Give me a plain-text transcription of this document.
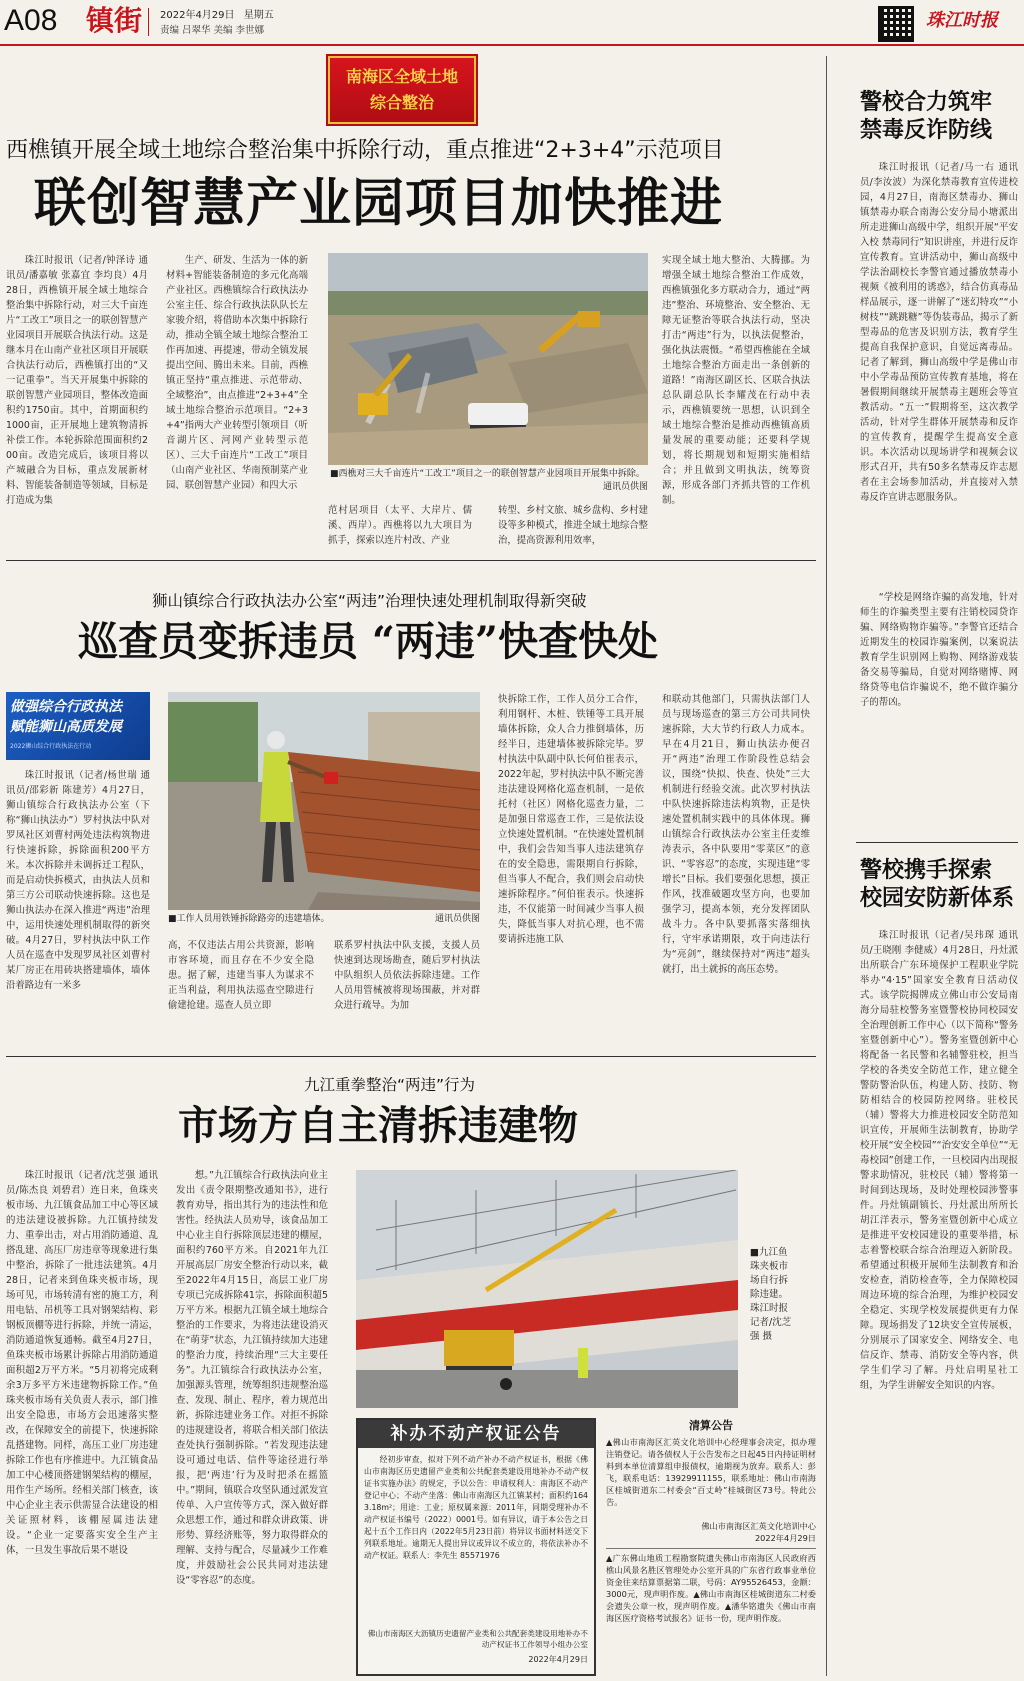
A08 镇街 2022年4月29日 星期五
责编 吕翠华 美编 李世娜	珠江时报
南海区全域土地
综合整治
西樵镇开展全域土地综合整治集中拆除行动，重点推进“2+3+4”示范项目
联创智慧产业园项目加快推进

珠江时报讯（记者/钟泽诗 通讯员/潘嘉敏 张嘉宜 李均良）4月28日，西樵镇开展全域土地综合整治集中拆除行动，对三大千亩连片“工改工”项目之一的联创智慧产业园项目开展联合执法行动。这是继本月在山南产业社区项目开展联合执法行动后，西樵镇打出的“又一记重拳”。当天开展集中拆除的联创智慧产业园项目，整体改造面积约1750亩。其中，首期面积约1000亩，正开展地上建筑物清拆补偿工作。本轮拆除范围面积约200亩。改造完成后，该项目将以产城融合为目标，重点发展新材料、智能装备制造等领域，目标是打造成为集

生产、研发、生活为一体的新材料+智能装备制造的多元化高端产业社区。西樵镇综合行政执法办公室主任、综合行政执法队队长左家骏介绍，将借助本次集中拆除行动，推动全镇全域土地综合整治工作再加速、再提速，带动全镇发展提出空间、腾出未来。目前，西樵镇正坚持“重点推进、示范带动、全域整治”，由点推进“2+3+4”全域土地综合整治示范项目。“2+3+4”指两大产业转型引领项目（听音湖片区、河网产业转型示范区）、三大千亩连片“工改工”项目（山南产业社区、华南预制菜产业园、联创智慧产业园）和四大示

■西樵对三大千亩连片“工改工”项目之一的联创智慧产业园项目开展集中拆除。
通讯员供图

范村居项目（太平、大岸片、儒溪、西岸）。西樵将以九大项目为抓手，探索以连片村改、产业

转型、乡村文旅、城乡盘构、乡村建设等多种模式，推进全域土地综合整治，提高资源利用效率，

实现全域土地大整治、大腾挪。为增强全域土地综合整治工作成效，西樵镇强化多方联动合力，通过“两违”整治、环境整治、安全整治、无障无证整治等联合执法行动，坚决打击“两违”行为，以执法促整治，强化执法震慑。“希望西樵能在全域土地综合整治方面走出一条创新的道路！”南海区副区长、区联合执法总队副总队长李耀茂在行动中表示，西樵镇要统一思想，认识到全域土地综合整治是推动西樵镇高质量发展的重要动能；还要科学规划，将长期规划和短期实施相结合；并且做到文明执法，统筹资源，形成各部门齐抓共管的工作机制。

狮山镇综合行政执法办公室“两违”治理快速处理机制取得新突破
巡查员变拆违员 “两违”快查快处
做强综合行政执法
赋能狮山高质发展
2022狮山综合行政执法在行动

珠江时报讯（记者/杨世瑞 通讯员/邵彩新 陈建芳）4月27日，狮山镇综合行政执法办公室（下称“狮山执法办”）罗村执法中队对罗凤社区刘曹村两处违法构筑物进行快速拆除，拆除面积200平方米。本次拆除并未调拆迁工程队，而是启动快拆模式，由执法人员和第三方公司联动快速拆除。这也是狮山执法办在深入推进“两违”治理中，运用快速处理机制取得的新突破。4月27日，罗村执法中队工作人员在巡查中发现罗凤社区刘曹村某厂房正在用砖块搭建墙体，墙体沿着路边有一米多

■工作人员用铁锤拆除路旁的违建墙体。	通讯员供图

高，不仅违法占用公共资源，影响市容环境，而且存在不少安全隐患。据了解，违建当事人为谋求不正当利益，利用执法巡查空隙进行偷建抢建。巡查人员立即

联系罗村执法中队支援，支援人员快速到达现场勘查，随后罗村执法中队组织人员依法拆除违建。工作人员用管械被将现场围蔽，并对群众进行疏导。为加

快拆除工作，工作人员分工合作，利用钢杆、木桩、铁锤等工具开展墙体拆除，众人合力推倒墙体，历经半日，违建墙体被拆除完毕。罗村执法中队副中队长何伯崔表示，2022年起，罗村执法中队不断完善违法建设网格化巡查机制，一是依托村（社区）网格化巡查力量，二是加强日常巡查工作，三是依法设立快速处置机制。“在快速处置机制中，我们会告知当事人违法建筑存在的安全隐患，需限期自行拆除，但当事人不配合，我们则会启动快速拆除程序。”何伯崔表示。快速拆违，不仅能第一时间减少当事人损失，降低当事人对抗心理，也不需要请拆违施工队

和联动其他部门，只需执法部门人员与现场巡查的第三方公司共同快速拆除，大大节约行政人力成本。早在4月21日，狮山执法办便召开“两违”治理工作阶段性总结会议，围绕“快拟、快查、快处”三大机制进行经验交流。此次罗村执法中队快速拆除违法构筑物，正是快速处置机制实践中的具体体现。狮山镇综合行政执法办公室主任麦维涛表示，各中队要用“零菜区”的意识、“零容忍”的态度，实现违建“零增长”目标。我们要强化思想，摸正作风，找准破题攻坚方向，也要加强学习，提高本领，充分发挥团队战斗力。各中队要抓落实落细执行，守牢承诺期限，攻于向违法行为“亮剑”，继续保持对“两违”超头就打，出土就拆的高压态势。

九江重拳整治“两违”行为
市场方自主清拆违建物

珠江时报讯（记者/沈芝强 通讯员/陈杰良 刘碧君）连日来，鱼珠夹板市场、九江镇食品加工中心等区域的违法建设被拆除。九江镇持续发力、重拳出击，对占用消防通道、乱搭乱建、高压厂房违章等现象进行集中整治，拆除了一批违法建筑。4月28日，记者来到鱼珠夹板市场，现场可见，市场转清有密的施工方，利用电钻、吊机等工具对钢架结构、彩钢板顶棚等进行拆除，并统一清运，消防通道恢复通畅。截至4月27日，鱼珠夹板市场累计拆除占用消防通道面积超2万平方米。“5月初将完成剩余3万多平方米违建物拆除工作。”鱼珠夹板市场有关负责人表示，部门推出安全隐患，市场方会迅速落实整改，在保障安全的前提下，快速拆除乱搭建物。同样，高压工业厂房违建拆除工作也有序推进中。九江镇食品加工中心楼顶搭建钢架结构的棚屋，用作生产场所。经相关部门核查，该中心企业主表示供需显合法建设的相关证照材料，该棚屋属违法建设。“企业一定要落实安全生产主体，一旦发生事故后果不堪设

想。”九江镇综合行政执法向业主发出《责令限期整改通知书》，进行教育劝导，指出其行为的违法性和危害性。经执法人员劝导，该食品加工中心业主自行拆除顶层违建的棚屋，面积约760平方米。自2021年九江开展高层厂房安全整治行动以来，截至2022年4月15日，高层工业厂房专项已完成拆除41宗，拆除面积超5万平方米。根据九江镇全域土地综合整治的工作要求，为将违法建设消灭在“萌芽”状态，九江镇持续加大违建的整治力度，持续治理“三大主要任务”。九江镇综合行政执法办公室，加强源头管理，统筹组织违规整治巡查、发现、制止、程序，着力规范出新，拆除违建业务工作。对拒不拆除的违规建设者，将联合相关部门依法查处执行强制拆除。“若发现违法建设可通过电话、信件等途径进行举报，把‘两违’行为及时把杀在摇篮中。”期间，镇联合攻坚队通过派发宣传单、入户宣传等方式，深入做好群众思想工作，通过和群众讲政策、讲形势、算经济账等，努力取得群众的理解、支持与配合，尽量减少工作难度，并鼓励社会公民共同对违法建设“零容忍”的态度。

■九江鱼
珠夹板市
场自行拆
除违建。
珠江时报
记者/沈芝
强 摄
补办不动产权证公告
经初步审查，拟对下列不动产补办不动产权证书，根据《佛山市南海区历史遗留产业类和公共配套类建设用地补办不动产权证书实施办法》的规定，予以公告：申请权利人：南海区不动产登记中心；不动产坐落：佛山市南海区九江镇某村；面积约1643.18m²；用途：工业；原权属来源：2011年，同期受理补办不动产权证书编号（2022）0001号。如有异议，请于本公告之日起十五个工作日内（2022年5月23日前）将异议书面材料送交下列联系地址。逾期无人提出异议或异议不成立的，将依法补办不动产权证。联系人：李先生 85571976
佛山市南海区大沥镇历史遗留产业类和公共配套类建设用地补办不动产权证书工作领导小组办公室
2022年4月29日
清算公告
▲佛山市南海区汇英文化培训中心经理事会决定，拟办理注销登记。请各债权人于公告发布之日起45日内持证明材料到本单位清算组申报债权，逾期视为放弃。联系人：彭飞，联系电话：13929911155，联系地址：佛山市南海区桂城街道东二村委会“百丈岭”桂城街区73号。特此公告。
佛山市南海区汇英文化培训中心
2022年4月29日
▲广东佛山地质工程勘察院遗失佛山市南海区人民政府西樵山风景名胜区管理处办公室开具的广东省行政事业单位资金往来结算票据第二联，号码：AY95526453，金额：3000元，现声明作废。▲佛山市南海区桂城街道东二村委会遗失公章一枚，现声明作废。▲潘华铭遗失《佛山市南海区医疗资格考试报名》证书一份，现声明作废。
警校合力筑牢
禁毒反诈防线

珠江时报讯（记者/马一右 通讯员/李汝波）为深化禁毒教育宣传进校园，4月27日，南海区禁毒办、狮山镇禁毒办联合南海公安分局小塘派出所走进狮山高级中学，组织开展“平安入校 禁毒同行”知识讲座，并进行反诈宣传教育。宣讲活动中，狮山高级中学法治副校长李警官通过播放禁毒小视频《被利用的诱惑》，结合仿真毒品样品展示，逐一讲解了“迷幻特攻”“小树枝”“跳跳糖”等伪装毒品，揭示了新型毒品的危害及识别方法，教育学生提高自我保护意识，自觉远离毒品。记者了解到，狮山高级中学是佛山市中小学毒品预防宣传教育基地，将在暑假期间继续开展禁毒主题班会等宣教活动。“五一”假期将至，这次教学活动，针对学生群体开展禁毒和反诈的宣传教育，提醒学生提高安全意识。本次活动以现场讲学和视频会议形式召开，共有50多名禁毒反诈志愿者在主会场参加活动，并直接对入禁毒反诈宣讲志愿服务队。

“学校是网络诈骗的高发地，针对师生的诈骗类型主要有注销校园贷诈骗、网络购物诈骗等。”李警官还结合近期发生的校园诈骗案例，以案说法教育学生识别网上购物、网络游戏装备交易等骗局，自觉对网络赌博、网络贷等电信诈骗说不，绝不做诈骗分子的帮凶。

警校携手探索
校园安防新体系

珠江时报讯（记者/吴玮琛 通讯员/王晓刚 李健威）4月28日，丹灶派出所联合广东环境保护工程职业学院举办“4·15”国家安全教育日活动仪式。该学院揭牌成立佛山市公安局南海分局驻校警务室暨警校协同校园安全治理创新工作中心（以下简称“警务室暨创新中心”）。警务室暨创新中心将配备一名民警和名辅警驻校，担当学校的各类安全防范工作，建立健全警防警治队伍，构建人防、技防、物防相结合的校园防控网络。驻校民（辅）警将大力推进校园安全防范知识宣传，开展师生法制教育，协助学校开展“安全校园”“治安安全单位”“无毒校园”创建工作，一旦校园内出现报警求助情况，驻校民（辅）警将第一时间到达现场，及时处理校园涉警事件。丹灶镇副镇长、丹灶派出所所长胡江洋表示，警务室暨创新中心成立是推进平安校园建设的重要举措，标志着警校联合综合治理迈入新阶段。希望通过积极开展师生法制教育和治安检查，消防检查等，全力保障校园周边环境的综合治理，为维护校园安全稳定、实现学校发展提供更有力保障。现场捐发了12块安全宣传展板，分别展示了国家安全、网络安全、电信反诈、禁毒、消防安全等内容，供学生们学习了解。丹灶启明星社工组，为学生讲解安全知识的内容。
